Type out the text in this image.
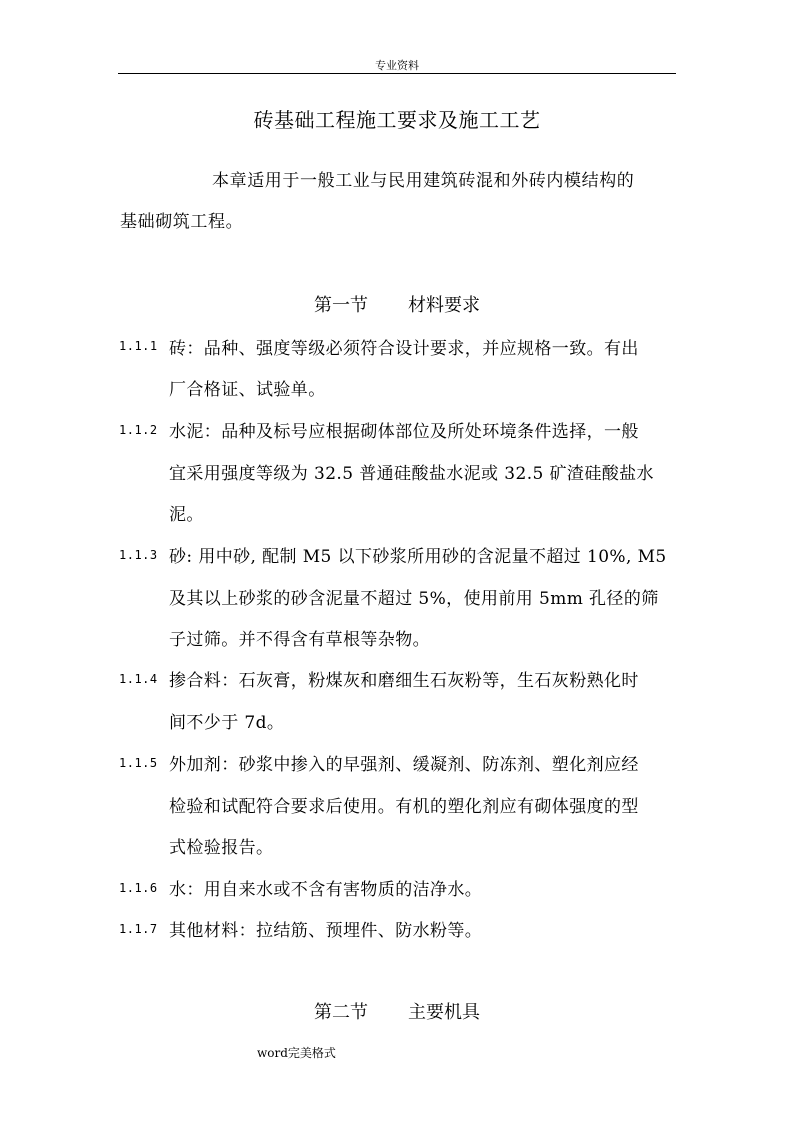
专业资料
砖基础工程施工要求及施工工艺
本章适用于一般工业与民用建筑砖混和外砖内模结构的
基础砌筑工程。
第一节 材料要求
1.1.1 砖：品种、强度等级必须符合设计要求，并应规格一致。有出
厂合格证、试验单。
1.1.2 水泥：品种及标号应根据砌体部位及所处环境条件选择，一般
宜采用强度等级为 32.5 普通硅酸盐水泥或 32.5 矿渣硅酸盐水
泥。
1.1.3 砂: 用中砂, 配制 M5 以下砂浆所用砂的含泥量不超过 10%, M5
及其以上砂浆的砂含泥量不超过 5%，使用前用 5mm 孔径的筛
子过筛。并不得含有草根等杂物。
1.1.4 掺合料：石灰膏，粉煤灰和磨细生石灰粉等，生石灰粉熟化时
间不少于 7d。
1.1.5 外加剂：砂浆中掺入的早强剂、缓凝剂、防冻剂、塑化剂应经
检验和试配符合要求后使用。有机的塑化剂应有砌体强度的型
式检验报告。
1.1.6 水：用自来水或不含有害物质的洁净水。
1.1.7 其他材料：拉结筋、预埋件、防水粉等。
第二节 主要机具
word完美格式
